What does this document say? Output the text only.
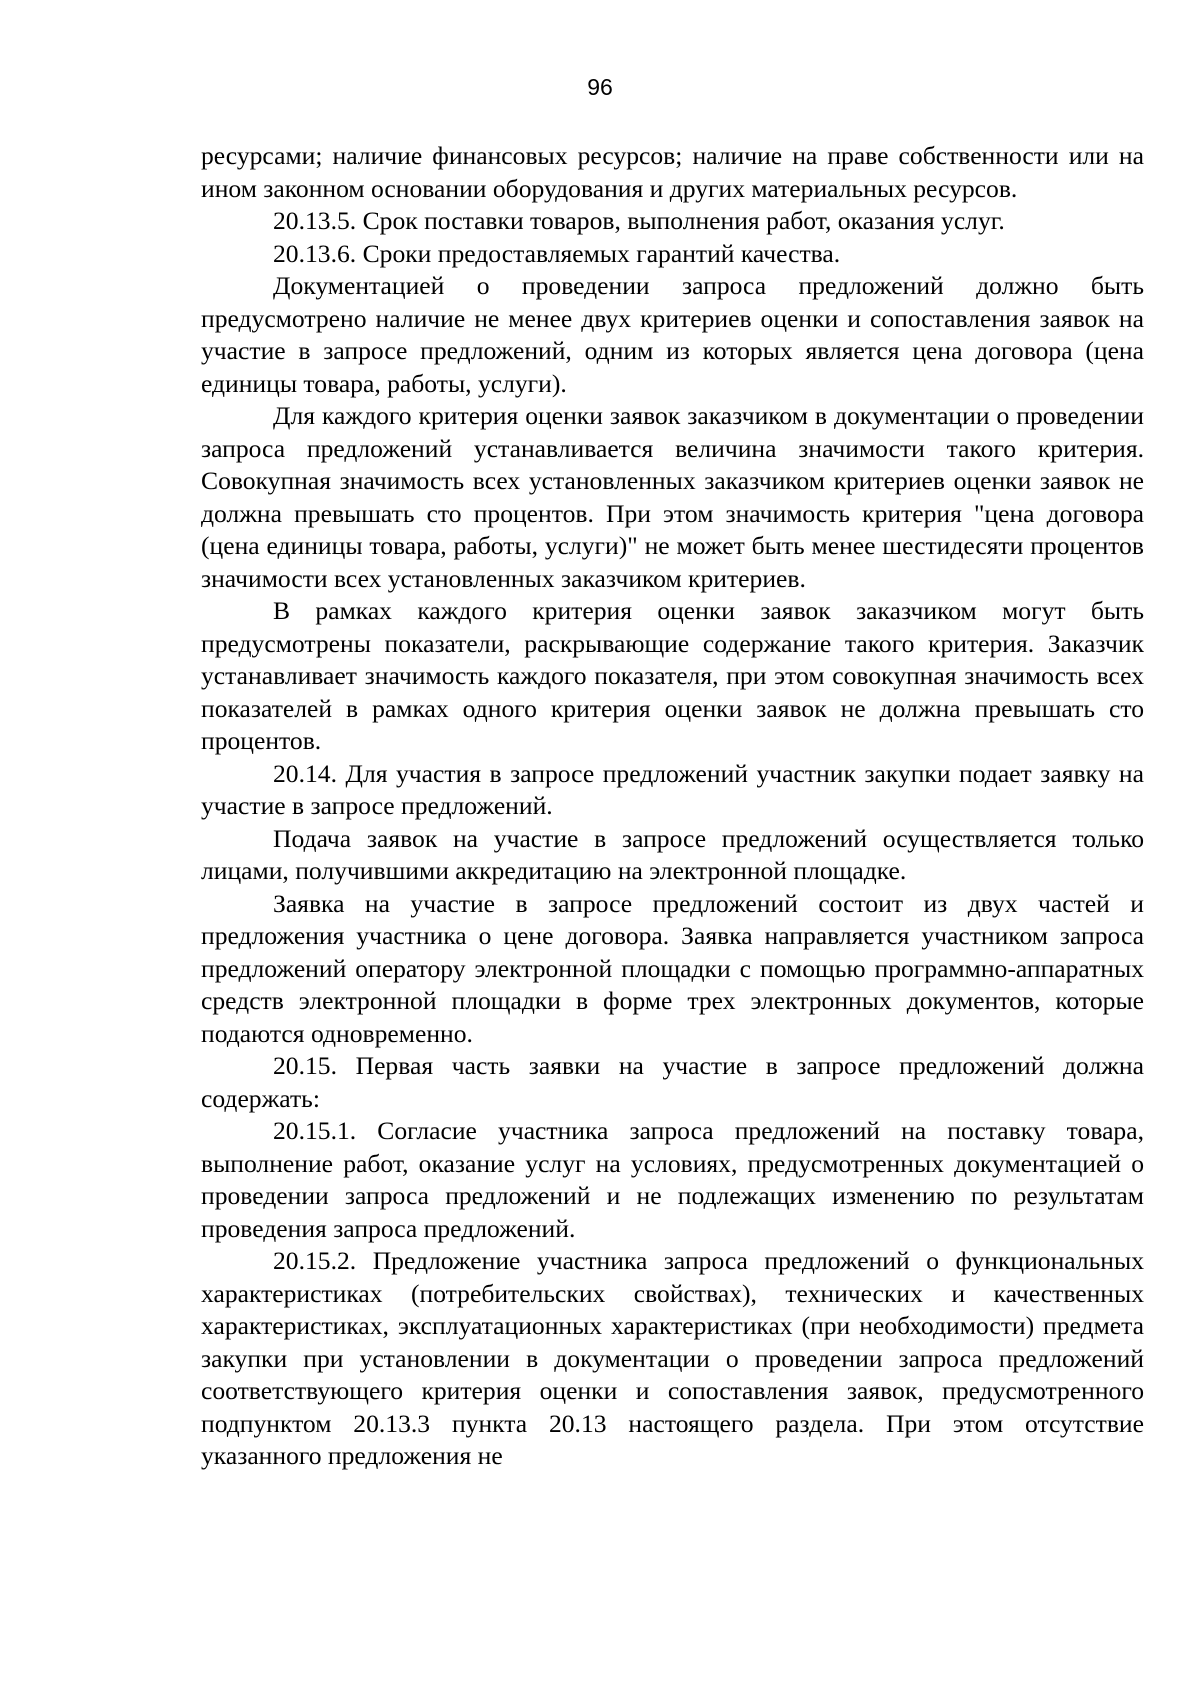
96

ресурсами; наличие финансовых ресурсов; наличие на праве собственности или на ином законном основании оборудования и других материальных ресурсов.

20.13.5. Срок поставки товаров, выполнения работ, оказания услуг.

20.13.6. Сроки предоставляемых гарантий качества.

Документацией о проведении запроса предложений должно быть предусмотрено наличие не менее двух критериев оценки и сопоставления заявок на участие в запросе предложений, одним из которых является цена договора (цена единицы товара, работы, услуги).

Для каждого критерия оценки заявок заказчиком в документации о проведении запроса предложений устанавливается величина значимости такого критерия. Совокупная значимость всех установленных заказчиком критериев оценки заявок не должна превышать сто процентов. При этом значимость критерия "цена договора (цена единицы товара, работы, услуги)" не может быть менее шестидесяти процентов значимости всех установленных заказчиком критериев.

В рамках каждого критерия оценки заявок заказчиком могут быть предусмотрены показатели, раскрывающие содержание такого критерия. Заказчик устанавливает значимость каждого показателя, при этом совокупная значимость всех показателей в рамках одного критерия оценки заявок не должна превышать сто процентов.

20.14. Для участия в запросе предложений участник закупки подает заявку на участие в запросе предложений.

Подача заявок на участие в запросе предложений осуществляется только лицами, получившими аккредитацию на электронной площадке.

Заявка на участие в запросе предложений состоит из двух частей и предложения участника о цене договора. Заявка направляется участником запроса предложений оператору электронной площадки с помощью программно-аппаратных средств электронной площадки в форме трех электронных документов, которые подаются одновременно.

20.15. Первая часть заявки на участие в запросе предложений должна содержать:

20.15.1. Согласие участника запроса предложений на поставку товара, выполнение работ, оказание услуг на условиях, предусмотренных документацией о проведении запроса предложений и не подлежащих изменению по результатам проведения запроса предложений.

20.15.2. Предложение участника запроса предложений о функциональных характеристиках (потребительских свойствах), технических и качественных характеристиках, эксплуатационных характеристиках (при необходимости) предмета закупки при установлении в документации о проведении запроса предложений соответствующего критерия оценки и сопоставления заявок, предусмотренного подпунктом 20.13.3 пункта 20.13 настоящего раздела. При этом отсутствие указанного предложения не
